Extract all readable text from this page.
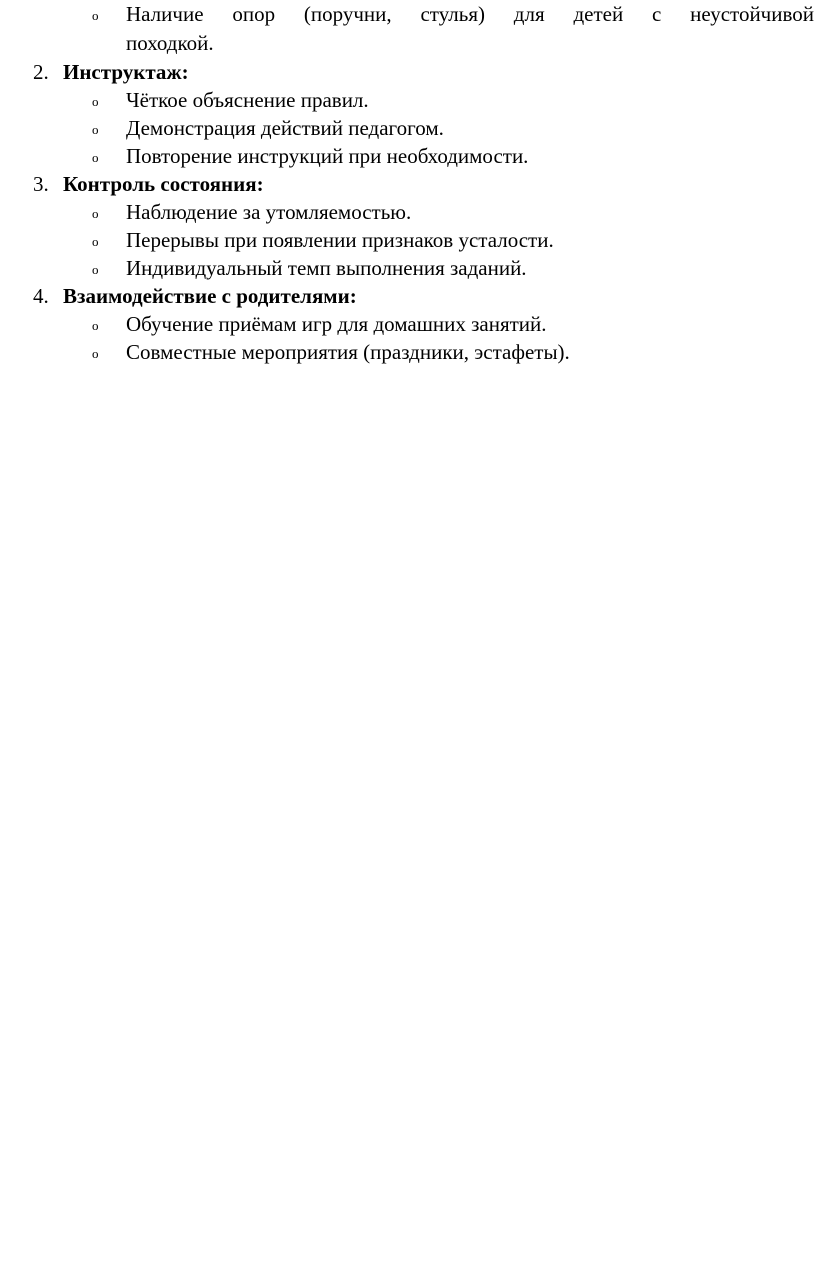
o Наличие опор (поручни, стулья) для детей с неустойчивой
походкой.
2. Инструктаж:
o Чёткое объяснение правил.
o Демонстрация действий педагогом.
o Повторение инструкций при необходимости.
3. Контроль состояния:
o Наблюдение за утомляемостью.
o Перерывы при появлении признаков усталости.
o Индивидуальный темп выполнения заданий.
4. Взаимодействие с родителями:
o Обучение приёмам игр для домашних занятий.
o Совместные мероприятия (праздники, эстафеты).
